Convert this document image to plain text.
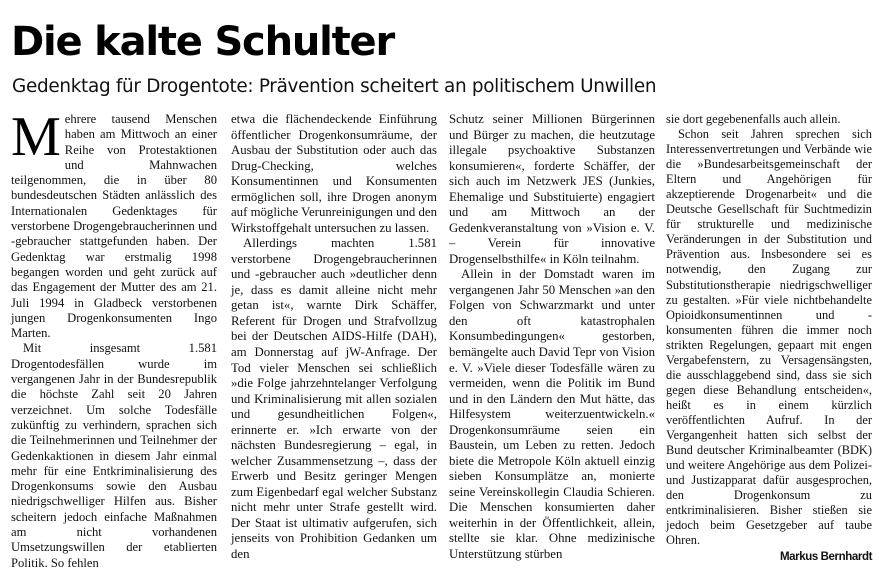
Die kalte Schulter
Gedenktag für Drogentote: Prävention scheitert an politischem Unwillen

Mehrere tausend Menschen haben am Mittwoch an einer Reihe von Protestaktionen und Mahnwachen teilgenommen, die in über 80 bundesdeutschen Städten anlässlich des Internationalen Gedenktages für verstorbene Drogengebraucherinnen und -gebraucher stattgefunden haben. Der Gedenktag war erstmalig 1998 begangen worden und geht zurück auf das Engagement der Mutter des am 21. Juli 1994 in Gladbeck verstorbenen jungen Drogenkonsumenten Ingo Marten.

Mit insgesamt 1.581 Drogentodesfällen wurde im vergangenen Jahr in der Bundesrepublik die höchste Zahl seit 20 Jahren verzeichnet. Um solche Todesfälle zukünftig zu verhindern, sprachen sich die Teilnehmerinnen und Teilnehmer der Gedenkaktionen in diesem Jahr einmal mehr für eine Entkriminalisierung des Drogenkonsums sowie den Ausbau niedrigschwelliger Hilfen aus. Bisher scheitern jedoch einfache Maßnahmen am nicht vorhandenen Umsetzungswillen der etablierten Politik. So fehlen

etwa die flächendeckende Einführung öffentlicher Drogenkonsumräume, der Ausbau der Substitution oder auch das Drug-Checking, welches Konsumentinnen und Konsumenten ermöglichen soll, ihre Drogen anonym auf mögliche Verunreinigungen und den Wirkstoffgehalt untersuchen zu lassen.

Allerdings machten 1.581 verstorbene Drogengebraucherinnen und -gebraucher auch »deutlicher denn je, dass es damit alleine nicht mehr getan ist«, warnte Dirk Schäffer, Referent für Drogen und Strafvollzug bei der Deutschen AIDS-Hilfe (DAH), am Donnerstag auf jW-Anfrage. Der Tod vieler Menschen sei schließlich »die Folge jahrzehntelanger Verfolgung und Kriminalisierung mit allen sozialen und gesundheitlichen Folgen«, erinnerte er. »Ich erwarte von der nächsten Bundesregierung – egal, in welcher Zusammensetzung –, dass der Erwerb und Besitz geringer Mengen zum Eigenbedarf egal welcher Substanz nicht mehr unter Strafe gestellt wird. Der Staat ist ultimativ aufgerufen, sich jenseits von Prohibition Gedanken um den

Schutz seiner Millionen Bürgerinnen und Bürger zu machen, die heutzutage illegale psychoaktive Substanzen konsumieren«, forderte Schäffer, der sich auch im Netzwerk JES (Junkies, Ehemalige und Substituierte) engagiert und am Mittwoch an der Gedenkveranstaltung von »Vision e. V. – Verein für innovative Drogenselbsthilfe« in Köln teilnahm.

Allein in der Domstadt waren im vergangenen Jahr 50 Menschen »an den Folgen von Schwarzmarkt und unter den oft katastrophalen Konsumbedingungen« gestorben, bemängelte auch David Tepr von Vision e. V. »Viele dieser Todesfälle wären zu vermeiden, wenn die Politik im Bund und in den Ländern den Mut hätte, das Hilfesystem weiterzuentwickeln.« Drogenkonsumräume seien ein Baustein, um Leben zu retten. Jedoch biete die Metropole Köln aktuell einzig sieben Konsumplätze an, monierte seine Vereinskollegin Claudia Schieren. Die Menschen konsumierten daher weiterhin in der Öffentlichkeit, allein, stellte sie klar. Ohne medizinische Unterstützung stürben

sie dort gegebenenfalls auch allein.

Schon seit Jahren sprechen sich Interessenvertretungen und Verbände wie die »Bundesarbeitsgemeinschaft der Eltern und Angehörigen für akzeptierende Drogenarbeit« und die Deutsche Gesellschaft für Suchtmedizin für strukturelle und medizinische Veränderungen in der Substitution und Prävention aus. Insbesondere sei es notwendig, den Zugang zur Substitutionstherapie niedrigschwelliger zu gestalten. »Für viele nichtbehandelte Opioidkonsumentinnen und -konsumenten führen die immer noch strikten Regelungen, gepaart mit engen Vergabefenstern, zu Versagensängsten, die ausschlaggebend sind, dass sie sich gegen diese Behandlung entscheiden«, heißt es in einem kürzlich veröffentlichten Aufruf. In der Vergangenheit hatten sich selbst der Bund deutscher Kriminalbeamter (BDK) und weitere Angehörige aus dem Polizei- und Justizapparat dafür ausgesprochen, den Drogenkonsum zu entkriminalisieren. Bisher stießen sie jedoch beim Gesetzgeber auf taube Ohren.

Markus Bernhardt
